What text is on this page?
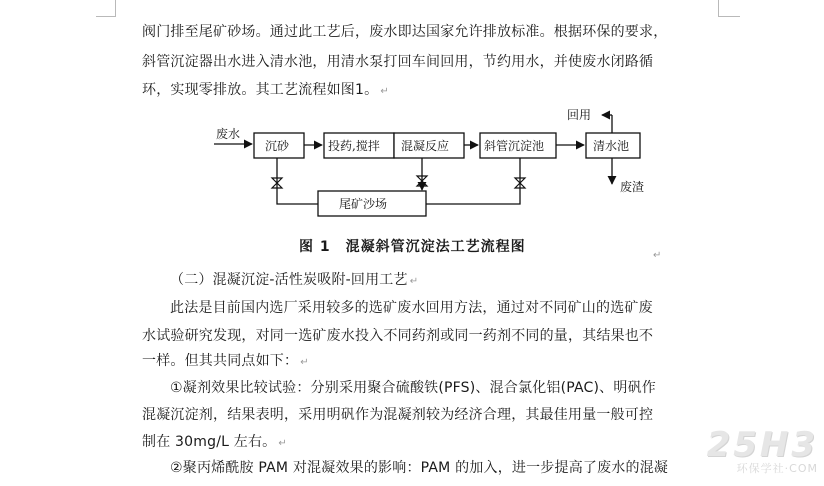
阀门排至尾矿砂场。通过此工艺后，废水即达国家允许排放标准。根据环保的要求，
斜管沉淀器出水进入清水池，用清水泵打回车间回用，节约用水，并使废水闭路循
环，实现零排放。其工艺流程如图1。 ↵
废水
沉砂	投药,搅拌 混凝反应	斜管沉淀池	清水池
回用
废渣
尾矿沙场
图 1　混凝斜管沉淀法工艺流程图
↵
（二）混凝沉淀-活性炭吸附-回用工艺 ↵
此法是目前国内选厂采用较多的选矿废水回用方法，通过对不同矿山的选矿废
水试验研究发现，对同一选矿废水投入不同药剂或同一药剂不同的量，其结果也不
一样。但其共同点如下： ↵
①凝剂效果比较试验：分别采用聚合硫酸铁(PFS)、混合氯化铝(PAC)、明矾作
混凝沉淀剂，结果表明，采用明矾作为混凝剂较为经济合理，其最佳用量一般可控
制在 30mg/L 左右。 ↵
②聚丙烯酰胺 PAM 对混凝效果的影响：PAM 的加入，进一步提高了废水的混凝
25H3
环保学社·COM
